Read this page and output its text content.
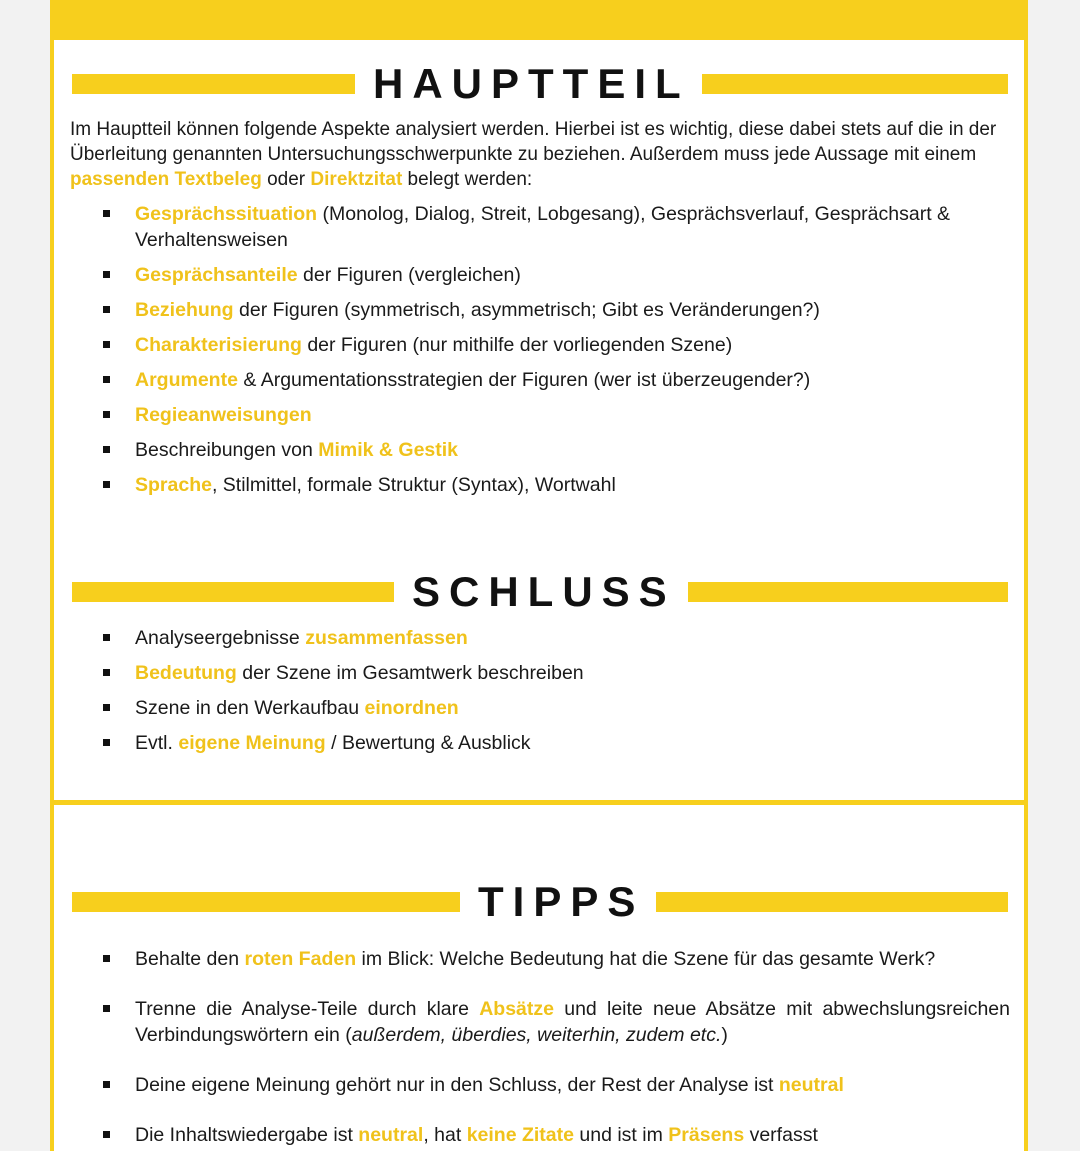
HAUPTTEIL

Im Hauptteil können folgende Aspekte analysiert werden. Hierbei ist es wichtig, diese dabei stets auf die in der Überleitung genannten Untersuchungsschwerpunkte zu beziehen. Außerdem muss jede Aussage mit einem passenden Textbeleg oder Direktzitat belegt werden:

Gesprächssituation (Monolog, Dialog, Streit, Lobgesang), Gesprächsverlauf, Gesprächsart & Verhaltensweisen
Gesprächsanteile der Figuren (vergleichen)
Beziehung der Figuren (symmetrisch, asymmetrisch; Gibt es Veränderungen?)
Charakterisierung der Figuren (nur mithilfe der vorliegenden Szene)
Argumente & Argumentationsstrategien der Figuren (wer ist überzeugender?)
Regieanweisungen
Beschreibungen von Mimik & Gestik
Sprache, Stilmittel, formale Struktur (Syntax), Wortwahl
SCHLUSS
Analyseergebnisse zusammenfassen
Bedeutung der Szene im Gesamtwerk beschreiben
Szene in den Werkaufbau einordnen
Evtl. eigene Meinung / Bewertung & Ausblick
TIPPS
Behalte den roten Faden im Blick: Welche Bedeutung hat die Szene für das gesamte Werk?
Trenne die Analyse-Teile durch klare Absätze und leite neue Absätze mit abwechslungsreichen Verbindungswörtern ein (außerdem, überdies, weiterhin, zudem etc.)
Deine eigene Meinung gehört nur in den Schluss, der Rest der Analyse ist neutral
Die Inhaltswiedergabe ist neutral, hat keine Zitate und ist im Präsens verfasst
